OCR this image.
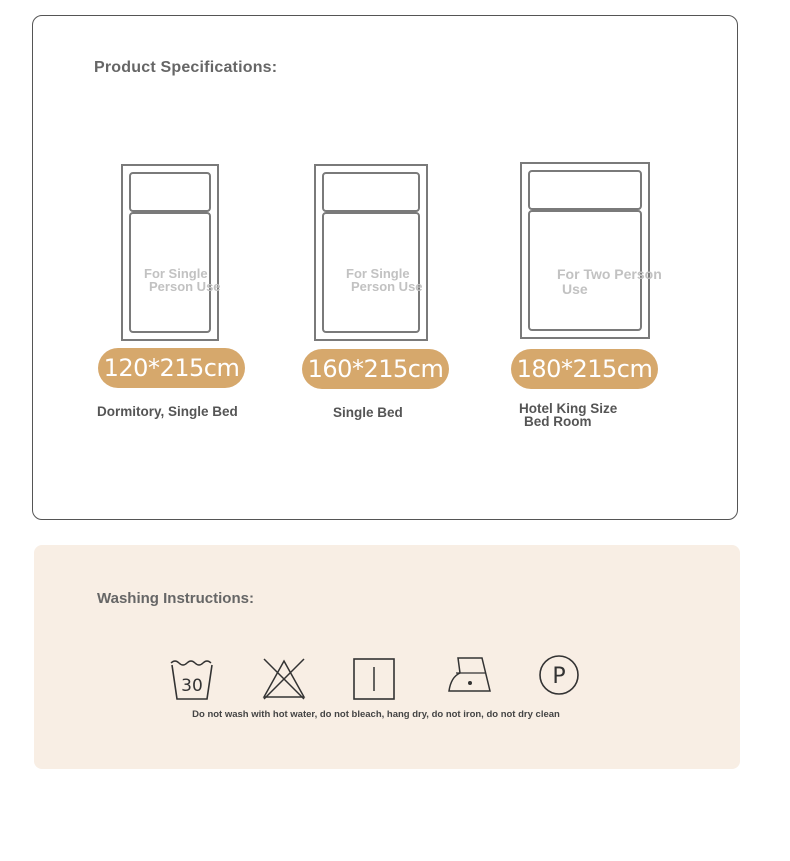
Product Specifications:
For Single
Person Use
120*215cm
Dormitory, Single Bed
For Single
Person Use
160*215cm
Single Bed
For Two Person
Use
180*215cm
Hotel King Size
Bed Room
Washing Instructions:
30	P
Do not wash with hot water, do not bleach, hang dry, do not iron, do not dry clean
